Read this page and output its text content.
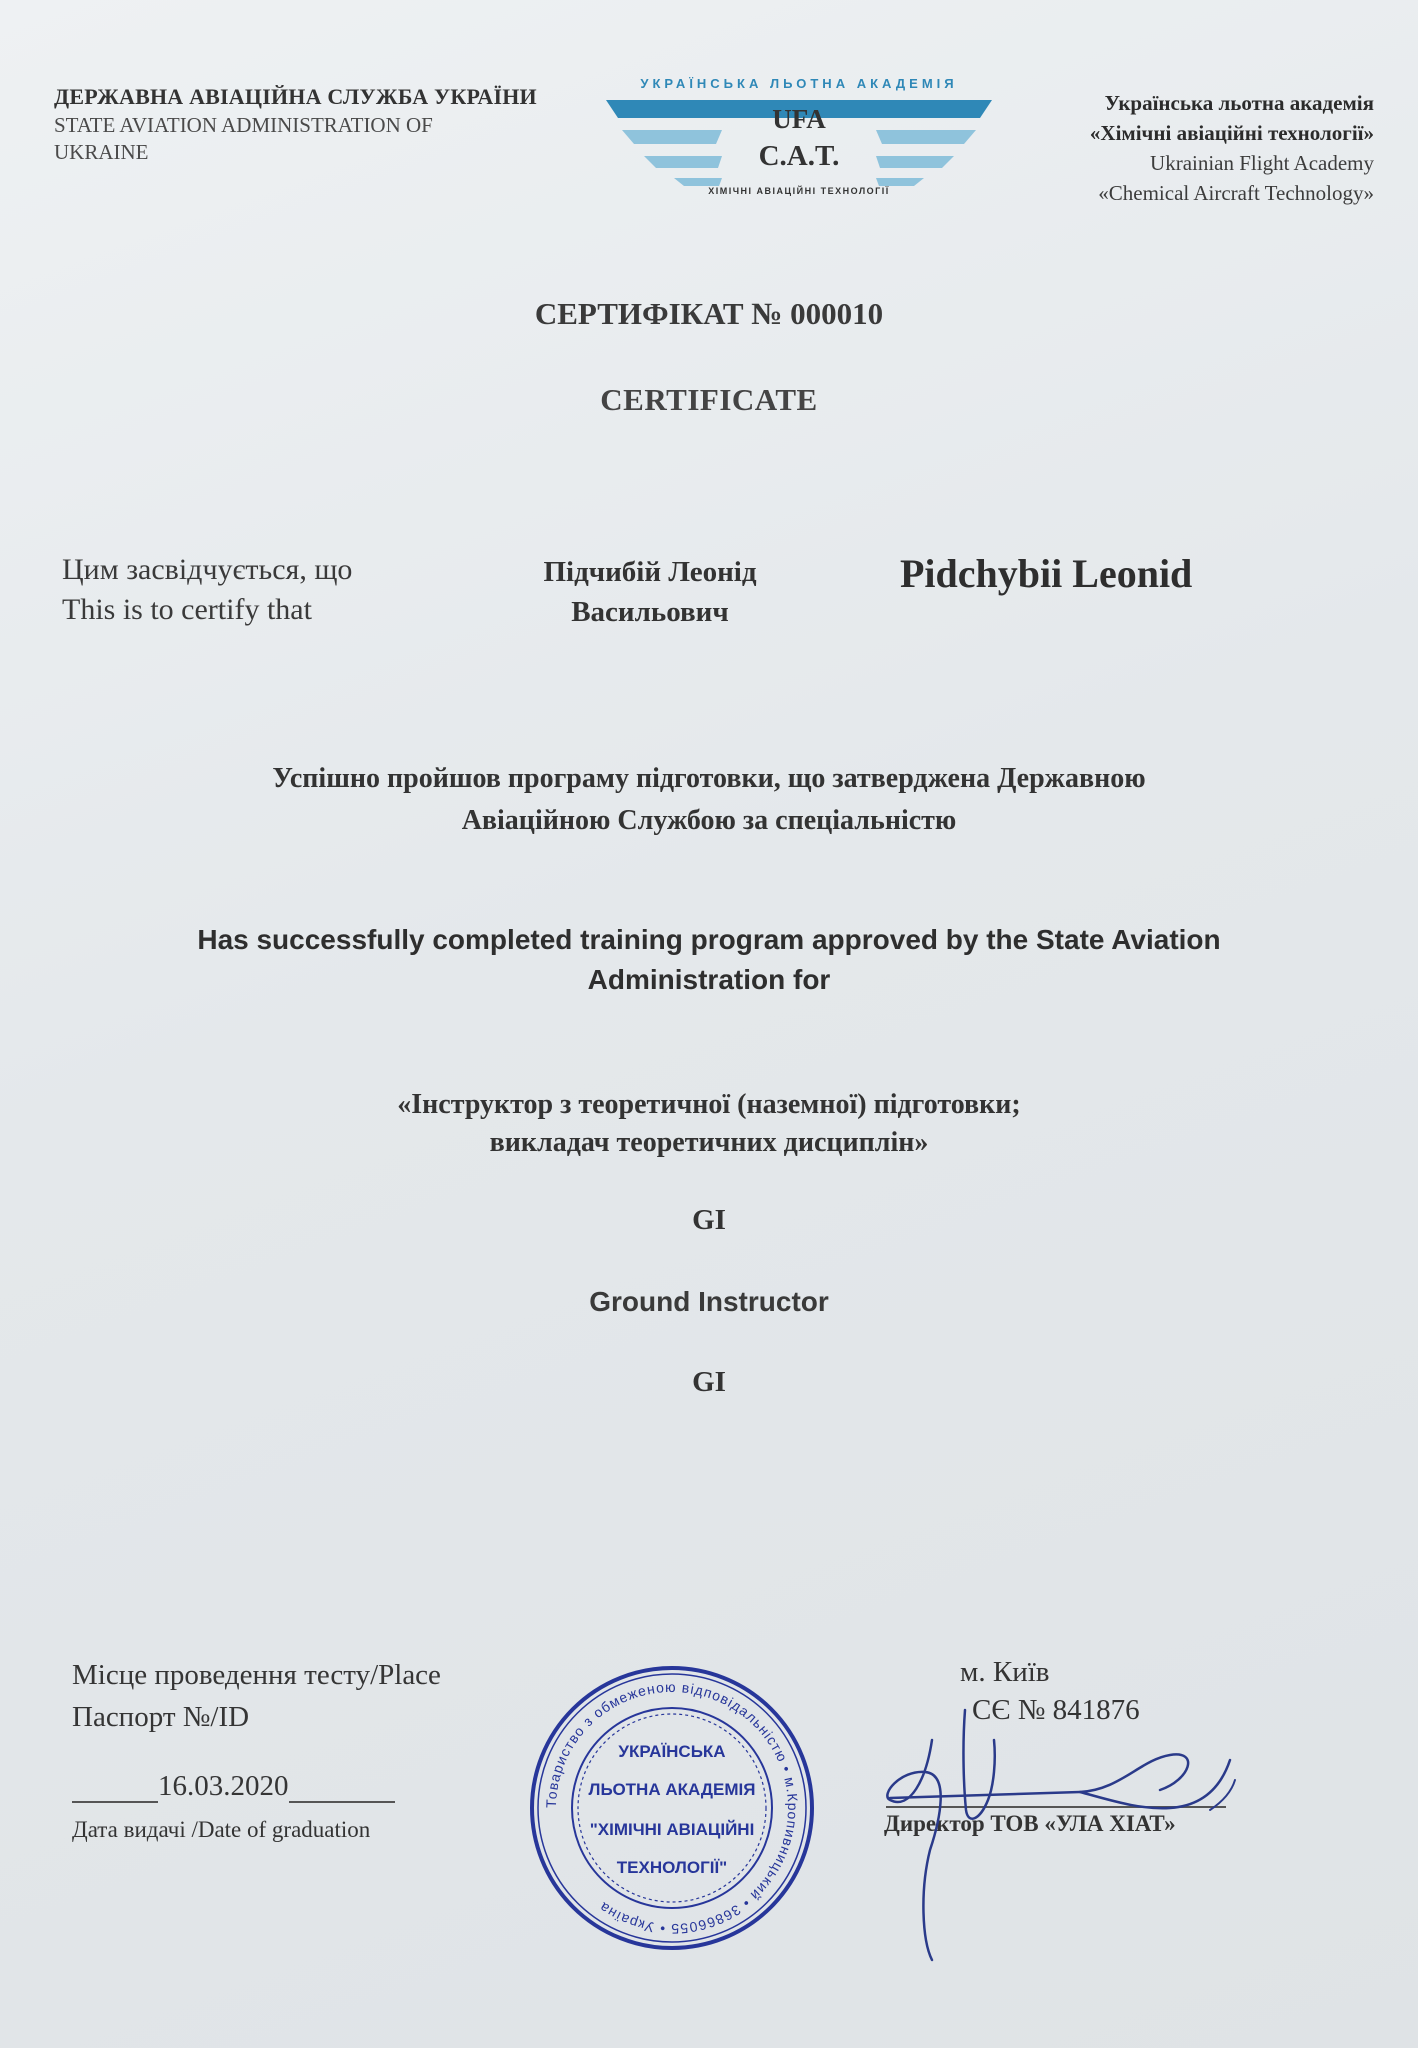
ДЕРЖАВНА АВІАЦІЙНА СЛУЖБА УКРАЇНИ
STATE AVIATION ADMINISTRATION OF UKRAINE
УКРАЇНСЬКА ЛЬОТНА АКАДЕМІЯ
UFA
C.A.T.
ХІМІЧНІ АВІАЦІЙНІ ТЕХНОЛОГІЇ
Українська льотна академія
«Хімічні авіаційні технології»
Ukrainian Flight Academy
«Chemical Aircraft Technology»
СЕРТИФІКАТ № 000010
CERTIFICATE
Цим засвідчується, що
This is to certify that
Підчибій Леонід
Васильович
Pidchybii Leonid
Успішно пройшов програму підготовки, що затверджена Державною
Авіаційною Службою за спеціальністю
Has successfully completed training program approved by the State Aviation
Administration for
«Інструктор з теоретичної (наземної) підготовки;
викладач теоретичних дисциплін»
GI
Ground Instructor
GI
Місце проведення тесту/Place
Паспорт №/ID
16.03.2020
Дата видачі /Date of graduation
Товариство з обмеженою відповідальністю • м.Кропивницький • 36866055 • Україна
УКРАЇНСЬКА
ЛЬОТНА АКАДЕМІЯ
"ХІМІЧНІ АВІАЦІЙНІ
ТЕХНОЛОГІЇ"
м. Київ
СЄ № 841876
Директор ТОВ «УЛА ХІАТ»
